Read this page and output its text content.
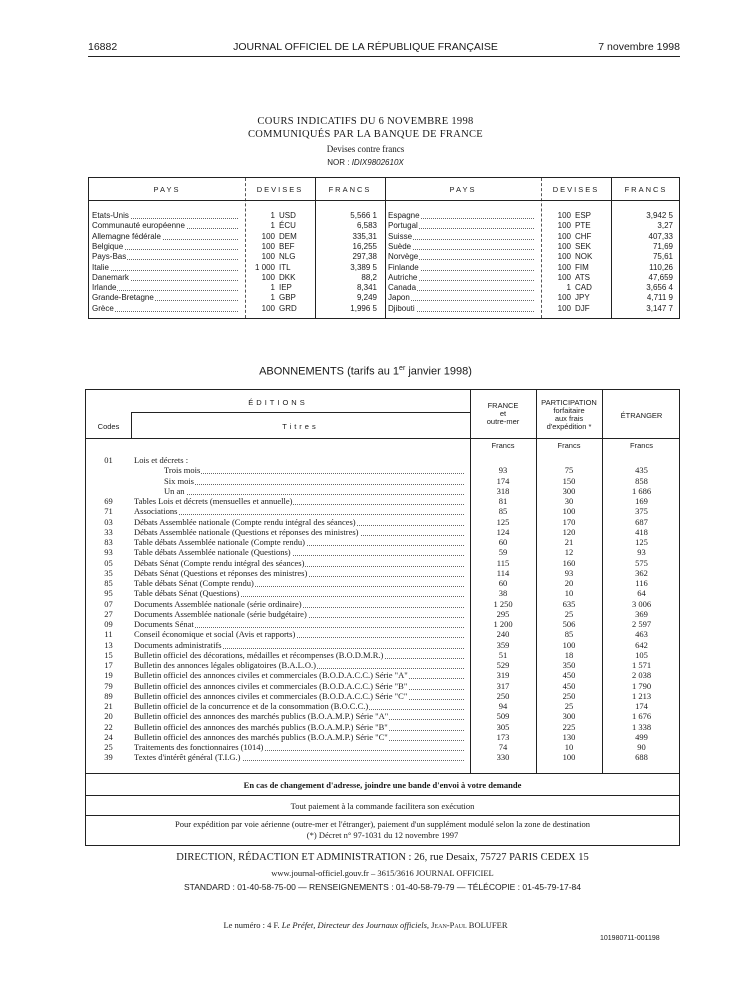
16882	JOURNAL OFFICIEL DE LA RÉPUBLIQUE FRANÇAISE	7 novembre 1998
COURS INDICATIFS DU 6 NOVEMBRE 1998
COMMUNIQUÉS PAR LA BANQUE DE FRANCE
Devises contre francs
NOR : IDIX9802610X
PAYS	DEVISES	FRANCS	PAYS	DEVISES	FRANCS
Etats-Unis	1 USD	5,566 1
Communauté européenne	1 ÉCU	6,583
Allemagne fédérale	100 DEM	335,31
Belgique	100 BEF	16,255
Pays-Bas	100 NLG	297,38
Italie	1 000 ITL	3,389 5
Danemark	100 DKK	88,2
Irlande	1 IEP	8,341
Grande-Bretagne	1 GBP	9,249
Grèce	100 GRD	1,996 5
Espagne	100 ESP	3,942 5
Portugal	100 PTE	3,27
Suisse	100 CHF	407,33
Suède	100 SEK	71,69
Norvège	100 NOK	75,61
Finlande	100 FIM	110,26
Autriche	100 ATS	47,659
Canada	1 CAD	3,656 4
Japon	100 JPY	4,711 9
Djibouti	100 DJF	3,147 7
ABONNEMENTS (tarifs au 1er janvier 1998)
ÉDITIONS
Codes	Titres
FRANCE
et
outre-mer
PARTICIPATION
forfaitaire
aux frais
d'expédition *
ÉTRANGER
Francs	Francs	Francs
01	Lois et décrets :
Trois mois	93	75	435
Six mois	174	150	858
Un an	318	300	1 686
69	Tables Lois et décrets (mensuelles et annuelle)	81	30	169
71	Associations	85	100	375
03	Débats Assemblée nationale (Compte rendu intégral des séances)	125	170	687
33	Débats Assemblée nationale (Questions et réponses des ministres)	124	120	418
83	Table débats Assemblée nationale (Compte rendu)	60	21	125
93	Table débats Assemblée nationale (Questions)	59	12	93
05	Débats Sénat (Compte rendu intégral des séances)	115	160	575
35	Débats Sénat (Questions et réponses des ministres)	114	93	362
85	Table débats Sénat (Compte rendu)	60	20	116
95	Table débats Sénat (Questions)	38	10	64
07	Documents Assemblée nationale (série ordinaire)	1 250	635	3 006
27	Documents Assemblée nationale (série budgétaire)	295	25	369
09	Documents Sénat	1 200	506	2 597
11	Conseil économique et social (Avis et rapports)	240	85	463
13	Documents administratifs	359	100	642
15	Bulletin officiel des décorations, médailles et récompenses (B.O.D.M.R.)	51	18	105
17	Bulletin des annonces légales obligatoires (B.A.L.O.)	529	350	1 571
19	Bulletin officiel des annonces civiles et commerciales (B.O.D.A.C.C.) Série "A"	319	450	2 038
79	Bulletin officiel des annonces civiles et commerciales (B.O.D.A.C.C.) Série "B"	317	450	1 790
89	Bulletin officiel des annonces civiles et commerciales (B.O.D.A.C.C.) Série "C"	250	250	1 213
21	Bulletin officiel de la concurrence et de la consommation (B.O.C.C.)	94	25	174
20	Bulletin officiel des annonces des marchés publics (B.O.A.M.P.) Série "A"	509	300	1 676
22	Bulletin officiel des annonces des marchés publics (B.O.A.M.P.) Série "B"	305	225	1 338
24	Bulletin officiel des annonces des marchés publics (B.O.A.M.P.) Série "C"	173	130	499
25	Traitements des fonctionnaires (1014)	74	10	90
39	Textes d'intérêt général (T.I.G.)	330	100	688
En cas de changement d'adresse, joindre une bande d'envoi à votre demande
Tout paiement à la commande facilitera son exécution
Pour expédition par voie aérienne (outre-mer et l'étranger), paiement d'un supplément modulé selon la zone de destination
(*) Décret n° 97-1031 du 12 novembre 1997
DIRECTION, RÉDACTION ET ADMINISTRATION : 26, rue Desaix, 75727 PARIS CEDEX 15
www.journal-officiel.gouv.fr – 3615/3616 JOURNAL OFFICIEL
STANDARD : 01-40-58-75-00 — RENSEIGNEMENTS : 01-40-58-79-79 — TÉLÉCOPIE : 01-45-79-17-84
Le numéro : 4 F. Le Préfet, Directeur des Journaux officiels, Jean-Paul BOLUFER
101980711-001198
